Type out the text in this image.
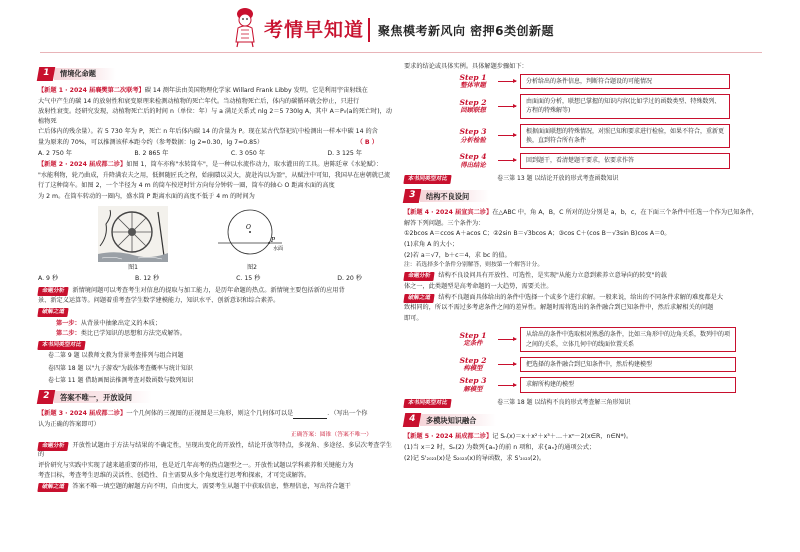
考情早知道 聚焦模考新风向 密押6类创新题
1	情境化命题
【新题 1 · 2024 届襄樊第二次联考】碳 14 测年法由美国物理化学家 Willard Frank Libby 发明，它是利用宇宙射线在
大气中产生的碳 14 的放射性和衰变原理来检测动植物的死亡年代。当动植物死亡后，体内的碳循环就会停止，只进行
放射性衰变。经研究发现，动植物死亡后的时间 n（单位：年）与 a 满足关系式 nlg 2＝5 730lg A，其中 A＝P₀(a的死亡时)，动植物死
亡后体内的残余量）。若 5 730 年为 P，死亡 n 年后体内碳 14 的含量为 P。现在某古代祭祀坑中检测出一样本中碳 14 的含
量为原来的 70%，可以推测该样本距今约（参考数据：lg 2≈0.30，lg 7≈0.85）	（ B ）
A. 2 750 年	B. 2 865 年	C. 3 050 年	D. 3 125 年
【新题 2 · 2024 届成都二诊】如图 1，筒车亦称"水转筒车"，是一种以水流作动力，取水灌田的工具。唐陈廷章《水轮赋》：
"水能利物，轮乃曲成，升降满农夫之用，低徊随匠氏之程，始崩隤以灵大，旋赴沟以为盈"，从赋注中可知，我国早在唐朝就已流
行了这种筒车。如图 2，一个半径为 4 m 的筒车按逆时针方向每分钟转一圈，筒车的轴心 O 距离水面的高度
为 2 m。在筒车转动的一圈内，盛水筒 P 距离水面的高度不低于 4 m 的时间为
图1
O
P
水面
图2
A. 9 秒	B. 12 秒	C. 15 秒	D. 20 秒
命题分析 新情境问题可以考查考生对信息的提取与加工能力，是历年命题的热点。新情境主要包括新的应用背
景、新定义运算等。问题着重考查学生数学建模能力，知识水平、创新意识和综合素养。
破解之道
第一步：从背景中抽象出定义的本质；
第二步：类比已学知识的思想和方法完成解答。
本书同类型对比
卷二第 9 题 以教师文教为背景考查排列与组合问题
卷四第 18 题 以"九子游戏"为载体考查概率与统计知识
卷七第 11 题 借助画图法推测考查对数函数与数列知识
2	答案不唯一，开放设问
【新题 3 · 2024 届成都二诊】一个几何体的三视图的正视图是三角形，则这个几何体可以是	．（写出一个你
认为正确的答案即可）
正确答案：圆锥（答案不唯一）
命题分析 开放性试题由于方法与结果的不确定性，呈现出变化的开放性，结论开放等特点，多视角、多途径、多层次考查学生的
评价研究与实践中实现了越来越重要的作用，也是近几年高考的热点题型之一。开放性试题以学科素养和关键能力为
考查目标，考查考生思维的灵活性、创造性、自主需要从多个角度进行思考和探索，才可完成解答。
破解之道 答案不唯一填空题的解题方向不明，自由度大，需要考生从题干中获取信息，整理信息，写出符合题干
要求的结论或具体实例。具体解题步骤如下：
Step 1
整体审题	分析给出的条件信息，判断符合题设的可能情况
Step 2
回顾联想
由面面的分析，联想已掌握的知识内容(比如学过的函数类型、特殊数列、方程的特殊解等)
Step 3
分析检验
根据面面联想的特殊情况，对照已知和要求进行检验，如果不符合，重新更换，直到符合所有条件
Step 4
得出结论	回到题干，看清楚题干要求，依要求作答
本书同类型对比	卷三第 13 题 以结论开放的形式考查函数知识
3	结构不良设问
【新题 4 · 2024 届宣宾二诊】在△ABC 中，角 A，B，C 所对的边分别是 a，b，c，在下面三个条件中任选一个作为已知条件，
解答下列问题。三个条件为：
①2bcos A＝ccos A＋acos C；②2sin B＝√3bcos A；③cos C＋(cos B－√3sin B)cos A＝0。
(1)求角 A 的大小；
(2)若 a＝√7，b＋c＝4，求 bc 的值。
注：若选择多个条件分别解答，则按第一个解答计分。
命题分析 结构不良设问具有开放性、可选性，是实现"从能力立意到素养立意导向的转变"的载
体之一，此类题型是高考命题的一大趋势，需要关注。
破解之道 结构不良题面具体给出的条件中选择一个或多个进行求解。一般来说，给出的不同条件求解的难度都是大
致相同的，所以不需过多考虑条件之间的差异性。解题时需将选出的条件融合到已知条件中，然后求解相关的问题
即可。
Step 1
定条件
从给出的条件中选取相对熟悉的条件，比如三角形中的边角关系，数列中的项之间的关系，立体几何中的线面位置关系
Step 2
构模型	把选择的条件融合到已知条件中，然后构建模型
Step 3
解模型	求解所构建的模型
本书同类型对比	卷三第 18 题 以结构不良的形式考查解三角形知识
4	多模块知识融合
【新题 5 · 2024 届成都二诊】记 Sₙ(x)＝x＋x²＋x³＋…＋xⁿ－2(x∈R，n∈N*)。
(1)当 x＝2 时，Sₙ(2) 为数列{aₙ}的前 n 项和，求{aₙ}的通项公式；
(2)记 S'₂₀₂₃(x)是 S₂₀₂₃(x)的导函数，求 S'₂₀₂₃(2)。
